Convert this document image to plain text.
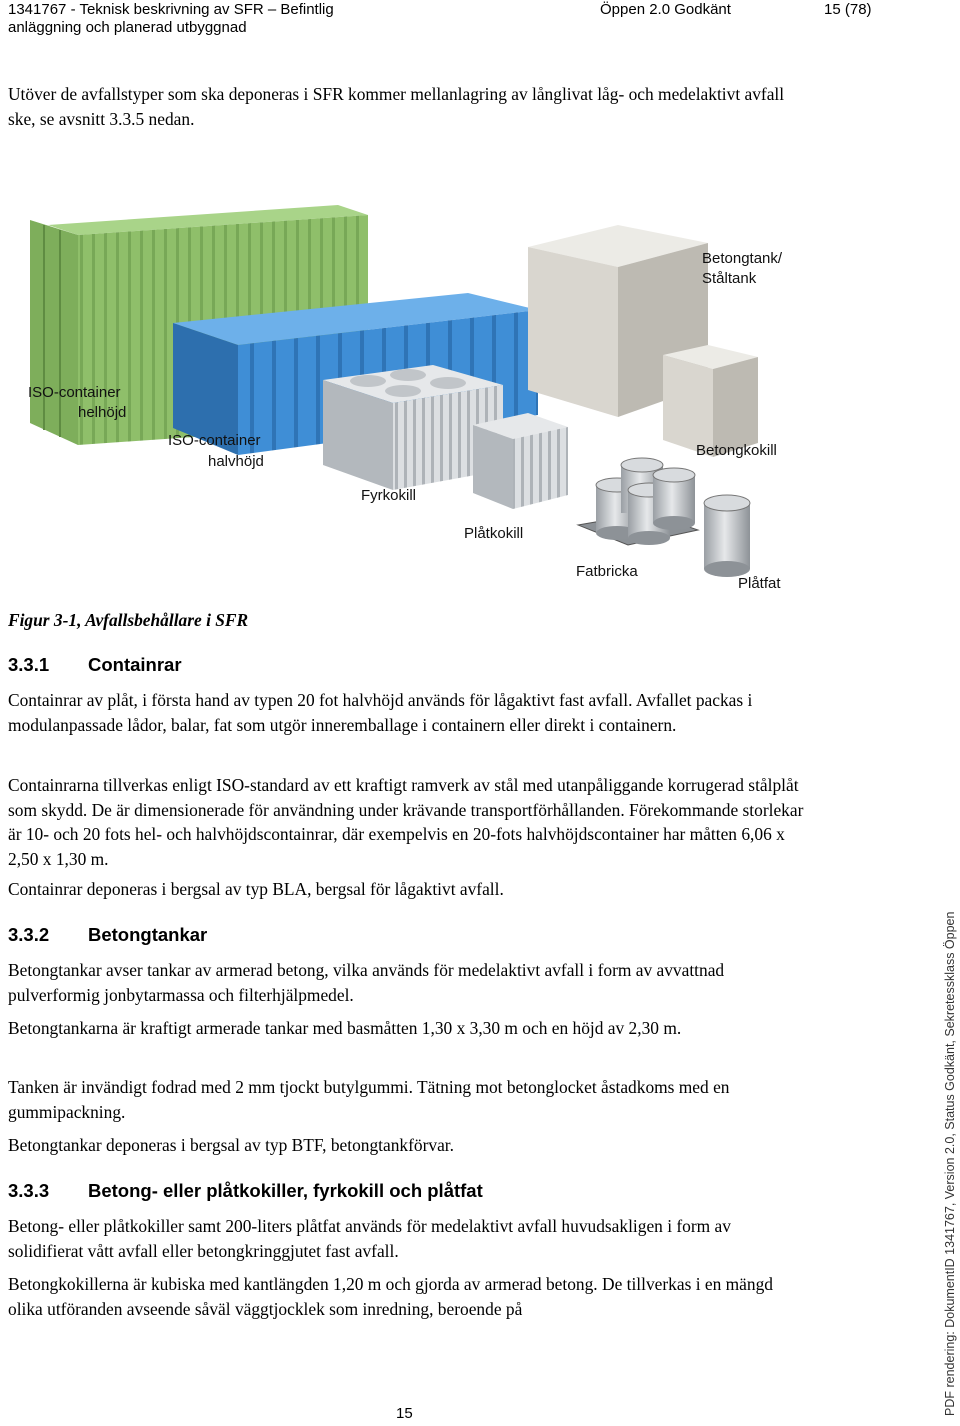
1341767 - Teknisk beskrivning av SFR – Befintlig
anläggning och planerad utbyggnad
Öppen 2.0 Godkänt	15 (78)

Utöver de avfallstyper som ska deponeras i SFR kommer mellanlagring av långlivat låg- och medelaktivt avfall ske, se avsnitt 3.3.5 nedan.

Betongtank/
Ståltank
ISO-container
helhöjd
ISO-container
halvhöjd
Betongkokill
Fyrkokill
Plåtkokill
Fatbricka
Plåtfat
Figur 3-1, Avfallsbehållare i SFR
3.3.1 Containrar

Containrar av plåt, i första hand av typen 20 fot halvhöjd används för lågaktivt fast avfall. Avfallet packas i modulanpassade lådor, balar, fat som utgör inneremballage i containern eller direkt i containern.

Containrarna tillverkas enligt ISO-standard av ett kraftigt ramverk av stål med utanpåliggande korrugerad stålplåt som skydd. De är dimensionerade för användning under krävande transportförhållanden. Förekommande storlekar är 10- och 20 fots hel- och halvhöjdscontainrar, där exempelvis en 20-fots halvhöjdscontainer har måtten 6,06 x 2,50 x 1,30 m.

Containrar deponeras i bergsal av typ BLA, bergsal för lågaktivt avfall.

3.3.2 Betongtankar

Betongtankar avser tankar av armerad betong, vilka används för medelaktivt avfall i form av avvattnad pulverformig jonbytarmassa och filterhjälpmedel.

Betongtankarna är kraftigt armerade tankar med basmåtten 1,30 x 3,30 m och en höjd av 2,30 m.

Tanken är invändigt fodrad med 2 mm tjockt butylgummi. Tätning mot betonglocket åstadkoms med en gummipackning.

Betongtankar deponeras i bergsal av typ BTF, betongtankförvar.

3.3.3 Betong- eller plåtkokiller, fyrkokill och plåtfat

Betong- eller plåtkokiller samt 200-liters plåtfat används för medelaktivt avfall huvudsakligen i form av solidifierat vått avfall eller betongkringgjutet fast avfall.

Betongkokillerna är kubiska med kantlängden 1,20 m och gjorda av armerad betong. De tillverkas i en mängd olika utföranden avseende såväl väggtjocklek som inredning, beroende på

15	PDF rendering: DokumentID 1341767, Version 2.0, Status Godkänt, Sekretessklass Öppen
